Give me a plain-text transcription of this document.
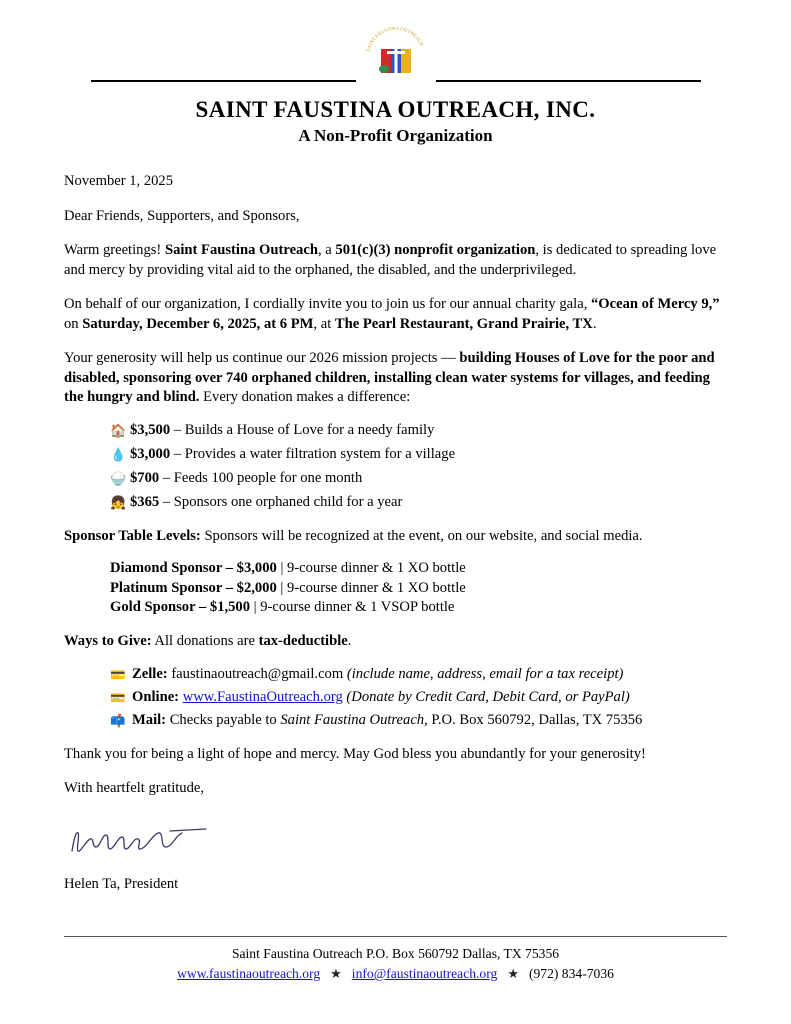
SAINT FAUSTINA OUTREACH
SAINT FAUSTINA OUTREACH, INC.
A Non-Profit Organization

November 1, 2025

Dear Friends, Supporters, and Sponsors,

Warm greetings! Saint Faustina Outreach, a 501(c)(3) nonprofit organization, is dedicated to spreading love and mercy by providing vital aid to the orphaned, the disabled, and the underprivileged.

On behalf of our organization, I cordially invite you to join us for our annual charity gala, “Ocean of Mercy 9,” on Saturday, December 6, 2025, at 6 PM, at The Pearl Restaurant, Grand Prairie, TX.

Your generosity will help us continue our 2026 mission projects — building Houses of Love for the poor and disabled, sponsoring over 740 orphaned children, installing clean water systems for villages, and feeding the hungry and blind. Every donation makes a difference:

🏠 $3,500 – Builds a House of Love for a needy family
💧 $3,000 – Provides a water filtration system for a village
🍚 $700 – Feeds 100 people for one month
👧 $365 – Sponsors one orphaned child for a year

Sponsor Table Levels: Sponsors will be recognized at the event, on our website, and social media.

Diamond Sponsor – $3,000 | 9-course dinner & 1 XO bottle
Platinum Sponsor – $2,000 | 9-course dinner & 1 XO bottle
Gold Sponsor – $1,500 | 9-course dinner & 1 VSOP bottle

Ways to Give: All donations are tax-deductible.

💳 Zelle: faustinaoutreach@gmail.com (include name, address, email for a tax receipt)
💳 Online: www.FaustinaOutreach.org (Donate by Credit Card, Debit Card, or PayPal)
📫 Mail: Checks payable to Saint Faustina Outreach, P.O. Box 560792, Dallas, TX 75356

Thank you for being a light of hope and mercy. May God bless you abundantly for your generosity!

With heartfelt gratitude,

Helen Ta, President
Saint Faustina Outreach P.O. Box 560792 Dallas, TX 75356
www.faustinaoutreach.org ★ info@faustinaoutreach.org ★ (972) 834-7036
